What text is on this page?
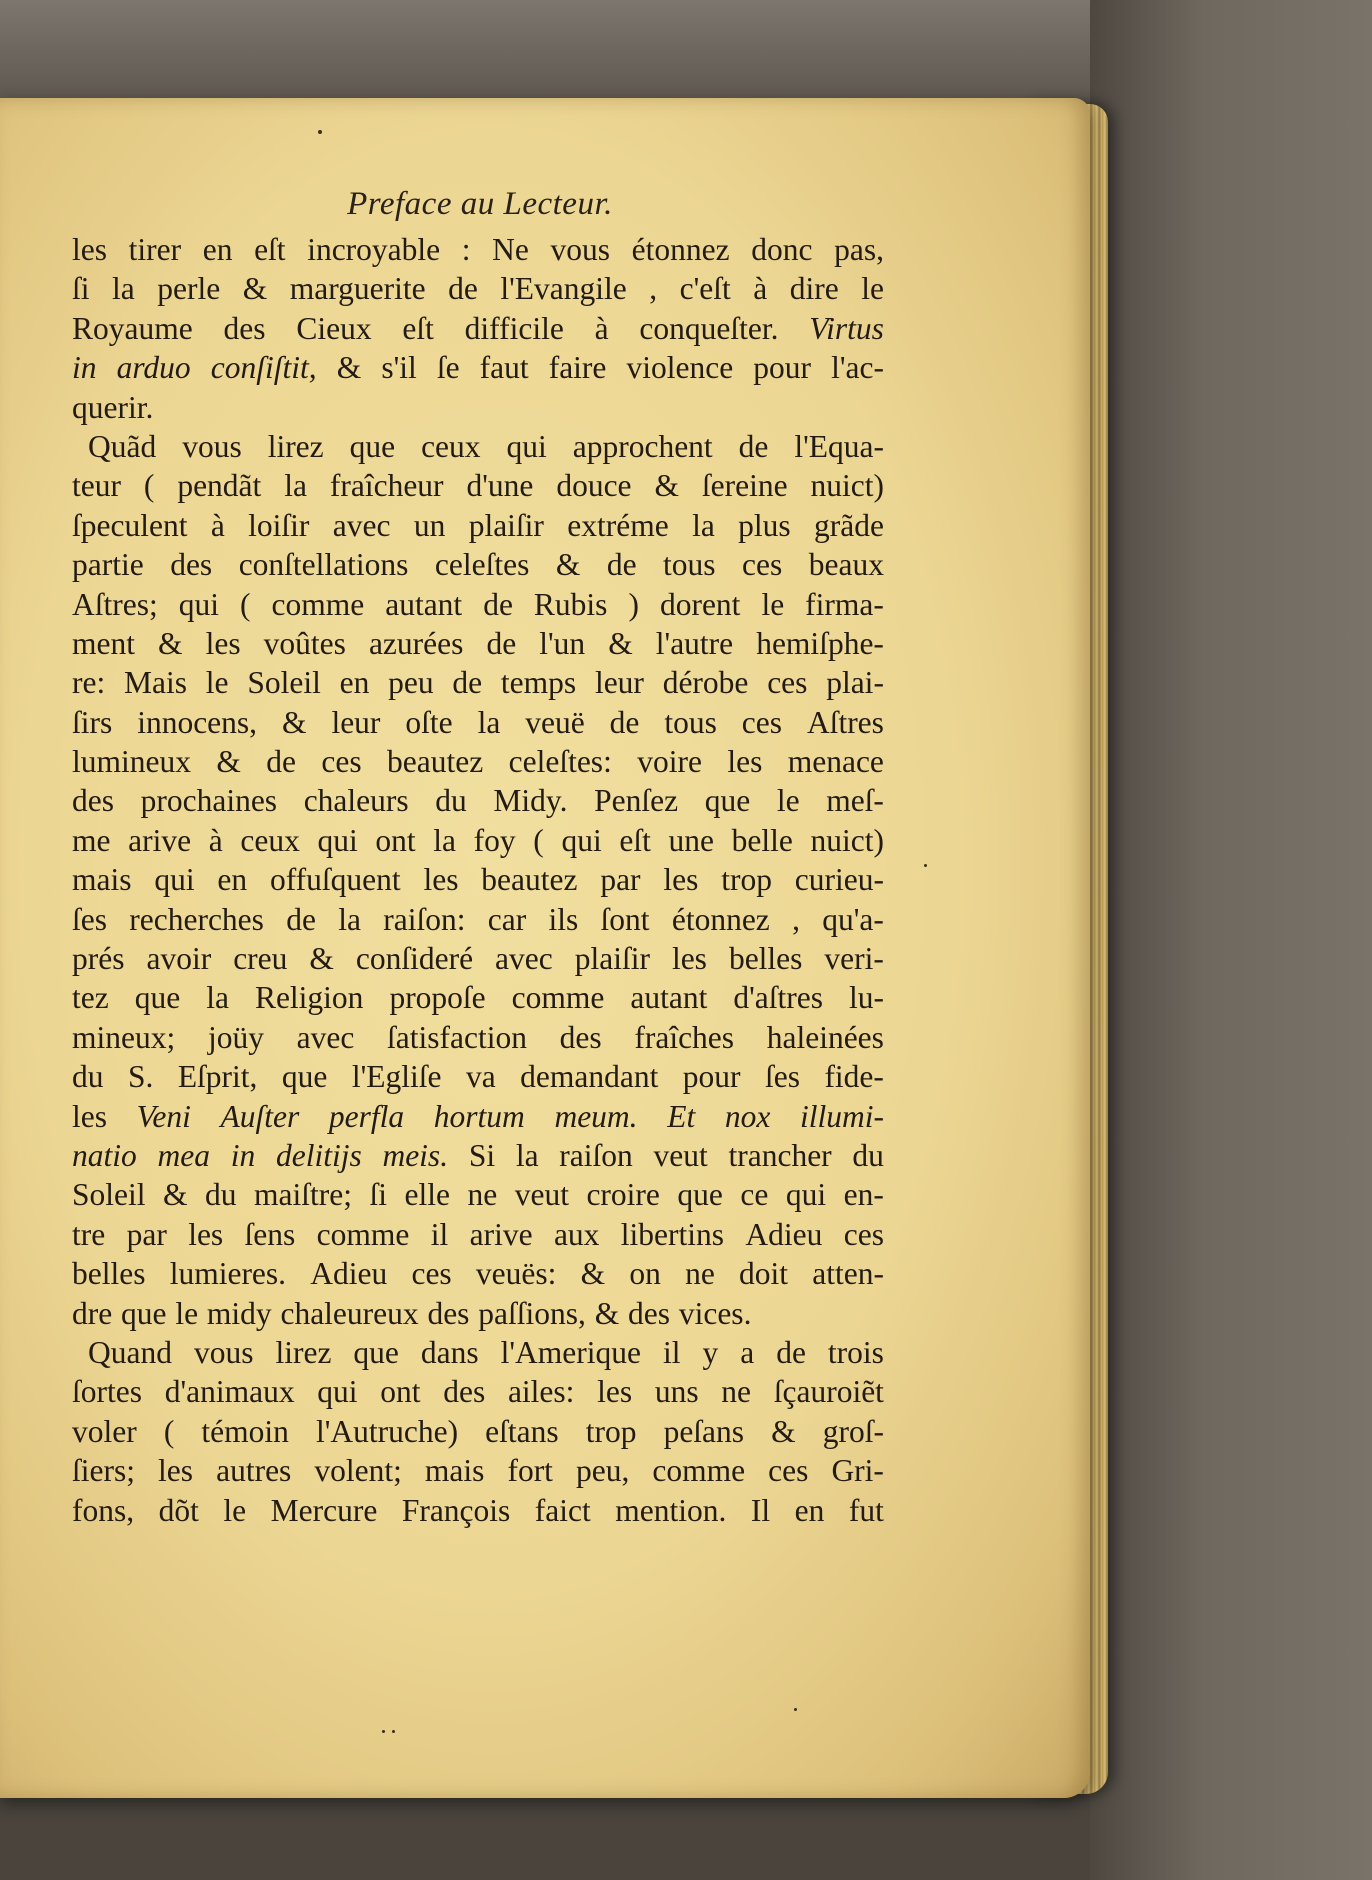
Preface au Lecteur.
les tirer en eſt incroyable : Ne vous étonnez donc pas,
ſi la perle & marguerite de l'Evangile , c'eſt à dire le
Royaume des Cieux eſt difficile à conqueſter. Virtus
in arduo conſiſtit, & s'il ſe faut faire violence pour l'ac-
querir.
Quãd vous lirez que ceux qui approchent de l'Equa-
teur ( pendãt la fraîcheur d'une douce & ſereine nuict)
ſpeculent à loiſir avec un plaiſir extréme la plus grãde
partie des conſtellations celeſtes & de tous ces beaux
Aſtres; qui ( comme autant de Rubis ) dorent le firma-
ment & les voûtes azurées de l'un & l'autre hemiſphe-
re: Mais le Soleil en peu de temps leur dérobe ces plai-
ſirs innocens, & leur oſte la veuë de tous ces Aſtres
lumineux & de ces beautez celeſtes: voire les menace
des prochaines chaleurs du Midy. Penſez que le meſ-
me arive à ceux qui ont la foy ( qui eſt une belle nuict)
mais qui en offuſquent les beautez par les trop curieu-
ſes recherches de la raiſon: car ils ſont étonnez , qu'a-
prés avoir creu & conſideré avec plaiſir les belles veri-
tez que la Religion propoſe comme autant d'aſtres lu-
mineux; joüy avec ſatisfaction des fraîches haleinées
du S. Eſprit, que l'Egliſe va demandant pour ſes fide-
les Veni Auſter perfla hortum meum. Et nox illumi-
natio mea in delitijs meis. Si la raiſon veut trancher du
Soleil & du maiſtre; ſi elle ne veut croire que ce qui en-
tre par les ſens comme il arive aux libertins Adieu ces
belles lumieres. Adieu ces veuës: & on ne doit atten-
dre que le midy chaleureux des paſſions, & des vices.
Quand vous lirez que dans l'Amerique il y a de trois
ſortes d'animaux qui ont des ailes: les uns ne ſçauroiẽt
voler ( témoin l'Autruche) eſtans trop peſans & groſ-
ſiers; les autres volent; mais fort peu, comme ces Gri-
fons, dõt le Mercure François faict mention. Il en fut
